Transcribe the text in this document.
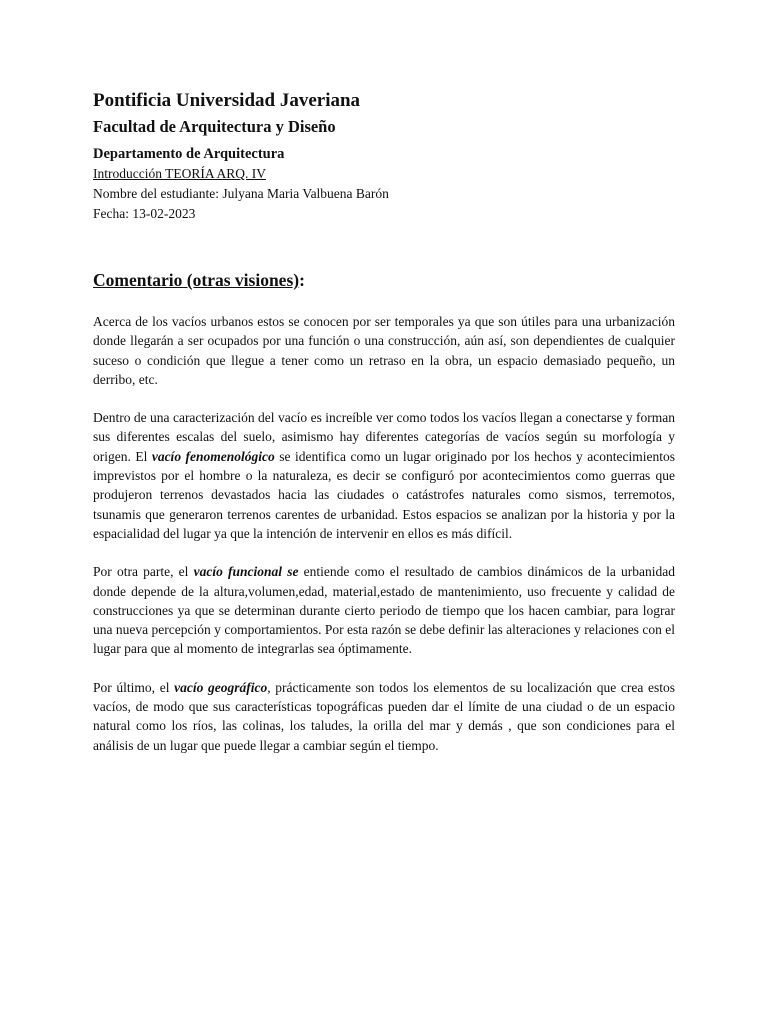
Pontificia Universidad Javeriana
Facultad de Arquitectura y Diseño
Departamento de Arquitectura
Introducción TEORÍA ARQ. IV
Nombre del estudiante: Julyana Maria Valbuena Barón
Fecha: 13-02-2023
Comentario (otras visiones):

Acerca de los vacíos urbanos estos se conocen por ser temporales ya que son útiles para una urbanización donde llegarán a ser ocupados por una función o una construcción, aún así, son dependientes de cualquier suceso o condición que llegue a tener como un retraso en la obra, un espacio demasiado pequeño, un derribo, etc.

Dentro de una caracterización del vacío es increíble ver como todos los vacíos llegan a conectarse y forman sus diferentes escalas del suelo, asimismo hay diferentes categorías de vacíos según su morfología y origen. El vacío fenomenológico se identifica como un lugar originado por los hechos y acontecimientos imprevistos por el hombre o la naturaleza, es decir se configuró por acontecimientos como guerras que produjeron terrenos devastados hacia las ciudades o catástrofes naturales como sismos, terremotos, tsunamis que generaron terrenos carentes de urbanidad. Estos espacios se analizan por la historia y por la espacialidad del lugar ya que la intención de intervenir en ellos es más difícil.

Por otra parte, el vacío funcional se entiende como el resultado de cambios dinámicos de la urbanidad donde depende de la altura,volumen,edad, material,estado de mantenimiento, uso frecuente y calidad de construcciones ya que se determinan durante cierto periodo de tiempo que los hacen cambiar, para lograr una nueva percepción y comportamientos. Por esta razón se debe definir las alteraciones y relaciones con el lugar para que al momento de integrarlas sea óptimamente.

Por último, el vacío geográfico, prácticamente son todos los elementos de su localización que crea estos vacíos, de modo que sus características topográficas pueden dar el límite de una ciudad o de un espacio natural como los ríos, las colinas, los taludes, la orilla del mar y demás , que son condiciones para el análisis de un lugar que puede llegar a cambiar según el tiempo.
